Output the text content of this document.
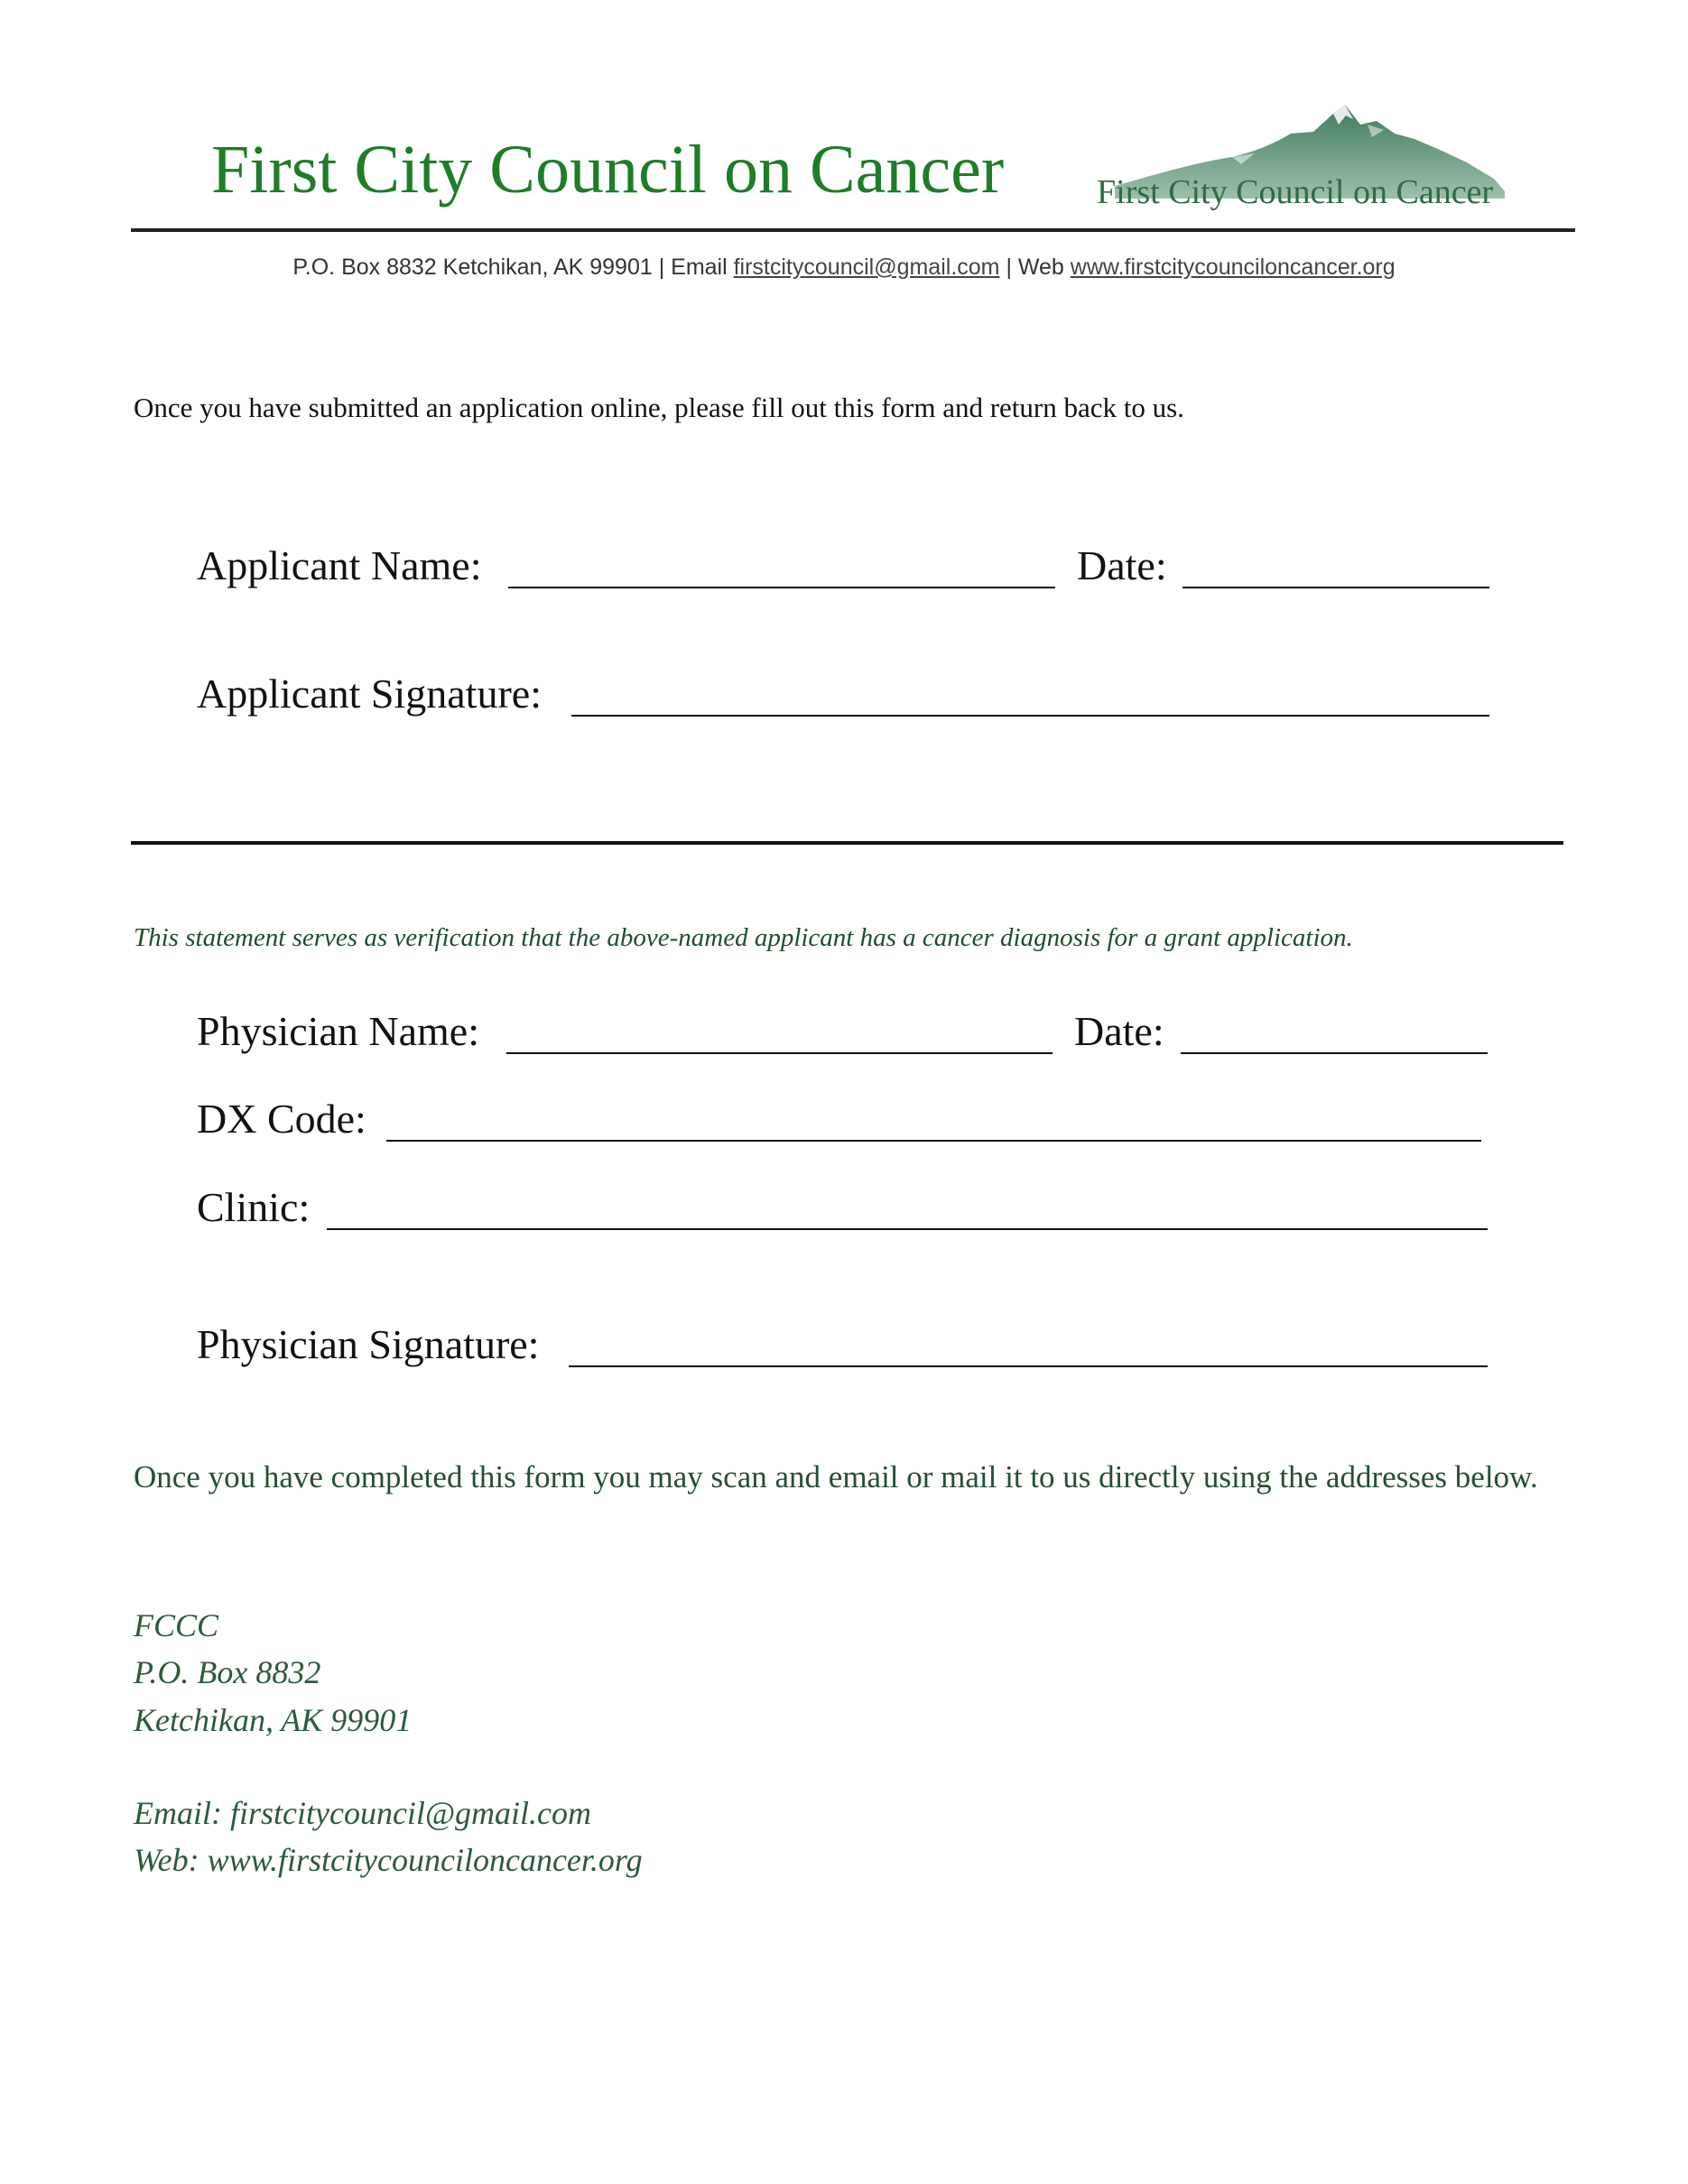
First City Council on Cancer	First City Council on Cancer
P.O. Box 8832 Ketchikan, AK 99901 | Email firstcitycouncil@gmail.com | Web www.firstcitycounciloncancer.org
Once you have submitted an application online, please fill out this form and return back to us.
Applicant Name:	Date:
Applicant Signature:
This statement serves as verification that the above-named applicant has a cancer diagnosis for a grant application.
Physician Name:	Date:
DX Code:
Clinic:
Physician Signature:
Once you have completed this form you may scan and email or mail it to us directly using the addresses below.
FCCC
P.O. Box 8832
Ketchikan, AK 99901
Email: firstcitycouncil@gmail.com
Web: www.firstcitycounciloncancer.org
